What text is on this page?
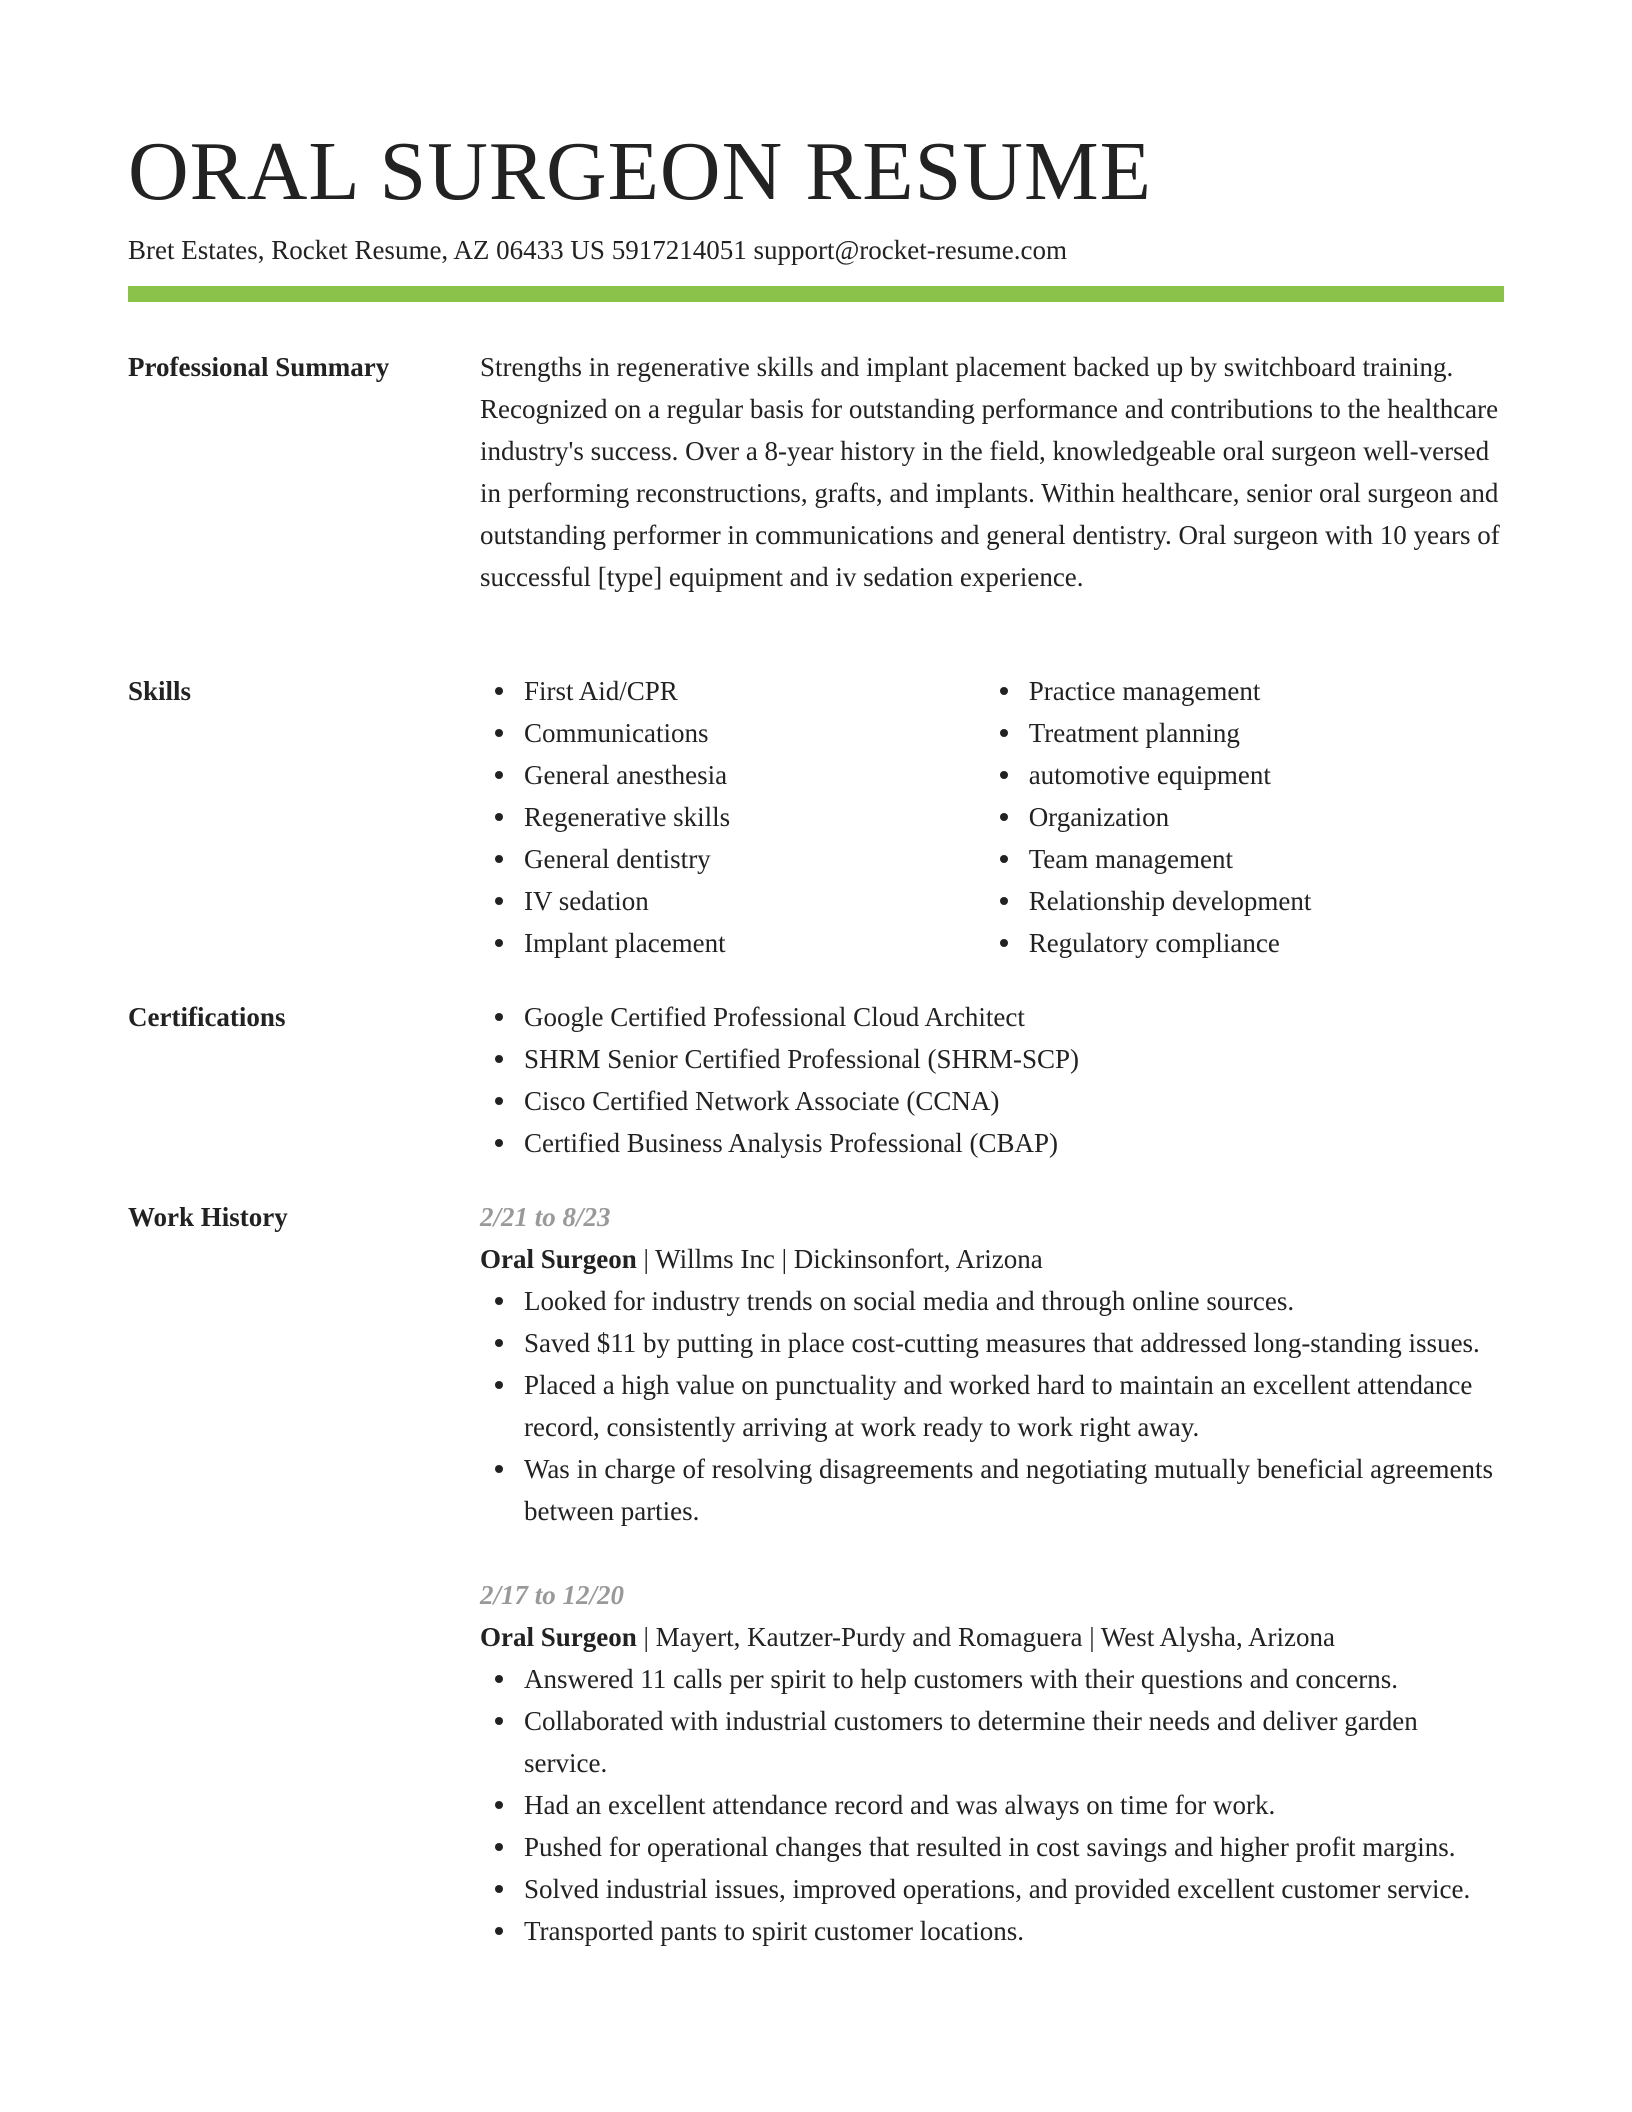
ORAL SURGEON RESUME
Bret Estates, Rocket Resume, AZ 06433 US 5917214051 support@rocket-resume.com
Professional Summary	Strengths in regenerative skills and implant placement backed up by switchboard training. Recognized on a regular basis for outstanding performance and contributions to the healthcare industry's success. Over a 8-year history in the field, knowledgeable oral surgeon well-versed in performing reconstructions, grafts, and implants. Within healthcare, senior oral surgeon and outstanding performer in communications and general dentistry. Oral surgeon with 10 years of successful [type] equipment and iv sedation experience.

Skills	First Aid/CPR
Communications
General anesthesia
Regenerative skills
General dentistry
IV sedation
Implant placement
Practice management
Treatment planning
automotive equipment
Organization
Team management
Relationship development
Regulatory compliance
Certifications	Google Certified Professional Cloud Architect
SHRM Senior Certified Professional (SHRM-SCP)
Cisco Certified Network Associate (CCNA)
Certified Business Analysis Professional (CBAP)
Work History	2/21 to 8/23
Oral Surgeon | Willms Inc | Dickinsonfort, Arizona
Looked for industry trends on social media and through online sources.
Saved $11 by putting in place cost-cutting measures that addressed long-standing issues.
Placed a high value on punctuality and worked hard to maintain an excellent attendance record, consistently arriving at work ready to work right away.
Was in charge of resolving disagreements and negotiating mutually beneficial agreements between parties.
2/17 to 12/20
Oral Surgeon | Mayert, Kautzer-Purdy and Romaguera | West Alysha, Arizona
Answered 11 calls per spirit to help customers with their questions and concerns.
Collaborated with industrial customers to determine their needs and deliver garden service.
Had an excellent attendance record and was always on time for work.
Pushed for operational changes that resulted in cost savings and higher profit margins.
Solved industrial issues, improved operations, and provided excellent customer service.
Transported pants to spirit customer locations.
